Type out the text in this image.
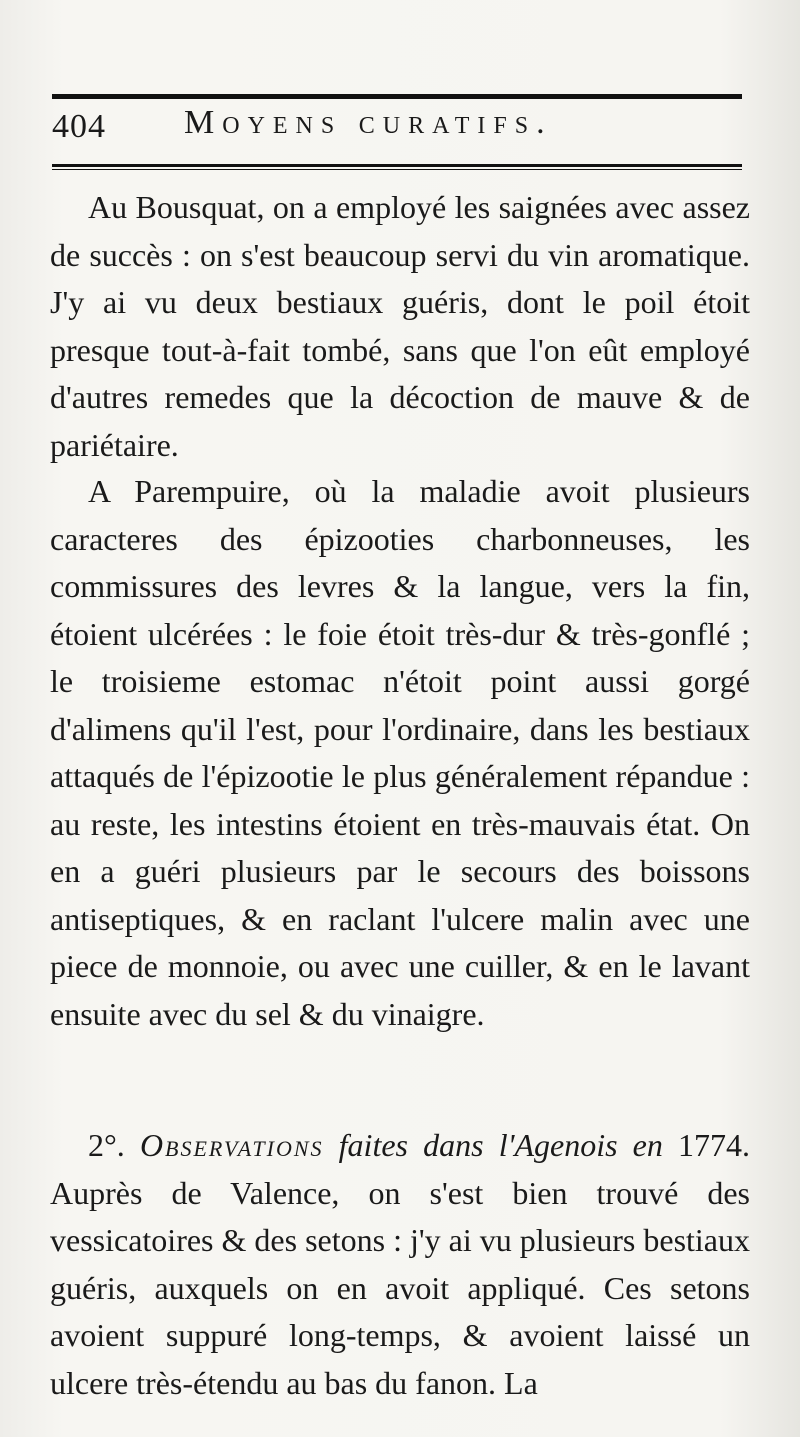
404 Moyens curatifs.

Au Bousquat, on a employé les saignées avec assez de succès : on s'est beaucoup servi du vin aromatique. J'y ai vu deux bestiaux guéris, dont le poil étoit presque tout-à-fait tombé, sans que l'on eût employé d'autres remedes que la décoction de mauve & de pariétaire.

A Parempuire, où la maladie avoit plusieurs caracteres des épizooties charbonneuses, les commissures des levres & la langue, vers la fin, étoient ulcérées : le foie étoit très-dur & très-gonflé ; le troisieme estomac n'étoit point aussi gorgé d'alimens qu'il l'est, pour l'ordinaire, dans les bestiaux attaqués de l'épizootie le plus généralement répandue : au reste, les intestins étoient en très-mauvais état. On en a guéri plusieurs par le secours des boissons antiseptiques, & en raclant l'ulcere malin avec une piece de monnoie, ou avec une cuiller, & en le lavant ensuite avec du sel & du vinaigre.

2°. Observations faites dans l'Agenois en 1774. Auprès de Valence, on s'est bien trouvé des vessicatoires & des setons : j'y ai vu plusieurs bestiaux guéris, auxquels on en avoit appliqué. Ces setons avoient suppuré long-temps, & avoient laissé un ulcere très-étendu au bas du fanon. La
